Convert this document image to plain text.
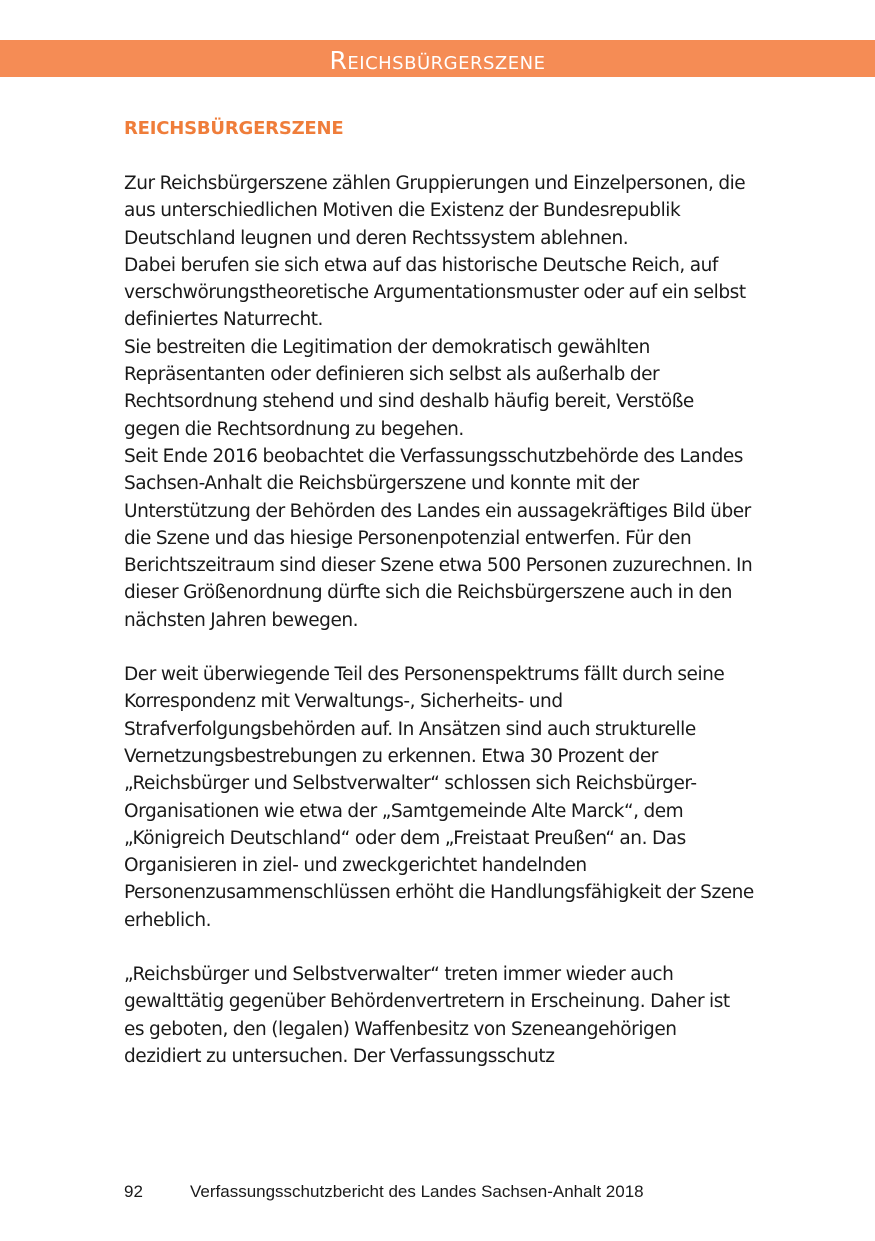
Reichsbürgerszene
REICHSBÜRGERSZENE

Zur Reichsbürgerszene zählen Gruppierungen und Einzelpersonen, die aus unterschiedlichen Motiven die Existenz der Bundesrepublik Deutschland leugnen und deren Rechtssystem ablehnen.

Dabei berufen sie sich etwa auf das historische Deutsche Reich, auf verschwörungstheoretische Argumentationsmuster oder auf ein selbst definiertes Naturrecht.

Sie bestreiten die Legitimation der demokratisch gewählten Repräsentanten oder definieren sich selbst als außerhalb der Rechtsordnung stehend und sind deshalb häufig bereit, Verstöße gegen die Rechtsordnung zu begehen.

Seit Ende 2016 beobachtet die Verfassungsschutzbehörde des Landes Sachsen-Anhalt die Reichsbürgerszene und konnte mit der Unterstützung der Behörden des Landes ein aussagekräftiges Bild über die Szene und das hiesige Personenpotenzial entwerfen. Für den Berichtszeitraum sind dieser Szene etwa 500 Personen zuzurechnen. In dieser Größenordnung dürfte sich die Reichsbürgerszene auch in den nächsten Jahren bewegen.

Der weit überwiegende Teil des Personenspektrums fällt durch seine Korrespondenz mit Verwaltungs-, Sicherheits- und Strafverfolgungsbehörden auf. In Ansätzen sind auch strukturelle Vernetzungsbestrebungen zu erkennen. Etwa 30 Prozent der „Reichsbürger und Selbstverwalter“ schlossen sich Reichsbürger-Organisationen wie etwa der „Samtgemeinde Alte Marck“, dem „Königreich Deutschland“ oder dem „Freistaat Preußen“ an. Das Organisieren in ziel- und zweckgerichtet handelnden Personenzusammenschlüssen erhöht die Handlungsfähigkeit der Szene erheblich.

„Reichsbürger und Selbstverwalter“ treten immer wieder auch gewalttätig gegenüber Behördenvertretern in Erscheinung. Daher ist es geboten, den (legalen) Waffenbesitz von Szeneangehörigen dezidiert zu untersuchen. Der Verfassungsschutz

92	Verfassungsschutzbericht des Landes Sachsen-Anhalt 2018
